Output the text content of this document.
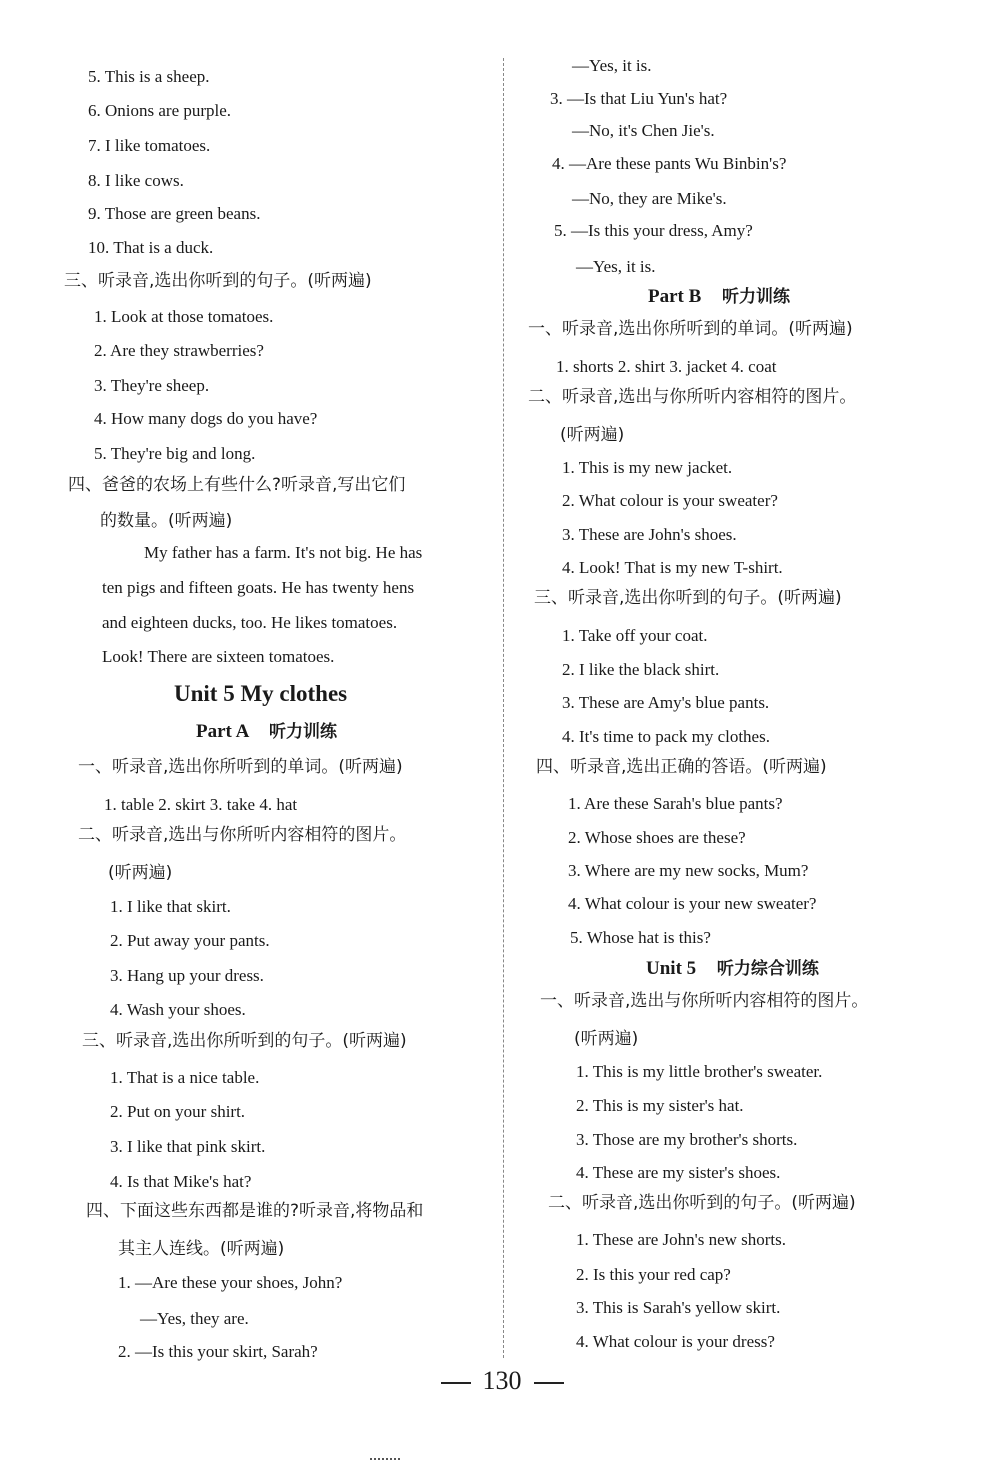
5. This is a sheep.
6. Onions are purple.
7. I like tomatoes.
8. I like cows.
9. Those are green beans.
10. That is a duck.
三、听录音,选出你听到的句子。(听两遍)
1. Look at those tomatoes.
2. Are they strawberries?
3. They're sheep.
4. How many dogs do you have?
5. They're big and long.
四、爸爸的农场上有些什么?听录音,写出它们
的数量。(听两遍)
My father has a farm. It's not big. He has
ten pigs and fifteen goats. He has twenty hens
and eighteen ducks, too. He likes tomatoes.
Look! There are sixteen tomatoes.
Unit 5 My clothes
Part A 听力训练
一、听录音,选出你所听到的单词。(听两遍)
1. table 2. skirt 3. take 4. hat
二、听录音,选出与你所听内容相符的图片。
(听两遍)
1. I like that skirt.
2. Put away your pants.
3. Hang up your dress.
4. Wash your shoes.
三、听录音,选出你所听到的句子。(听两遍)
1. That is a nice table.
2. Put on your shirt.
3. I like that pink skirt.
4. Is that Mike's hat?
四、下面这些东西都是谁的?听录音,将物品和
其主人连线。(听两遍)
1. —Are these your shoes, John?
—Yes, they are.
2. —Is this your skirt, Sarah?
—Yes, it is.
3. —Is that Liu Yun's hat?
—No, it's Chen Jie's.
4. —Are these pants Wu Binbin's?
—No, they are Mike's.
5. —Is this your dress, Amy?
—Yes, it is.
Part B 听力训练
一、听录音,选出你所听到的单词。(听两遍)
1. shorts 2. shirt 3. jacket 4. coat
二、听录音,选出与你所听内容相符的图片。
(听两遍)
1. This is my new jacket.
2. What colour is your sweater?
3. These are John's shoes.
4. Look! That is my new T-shirt.
三、听录音,选出你听到的句子。(听两遍)
1. Take off your coat.
2. I like the black shirt.
3. These are Amy's blue pants.
4. It's time to pack my clothes.
四、听录音,选出正确的答语。(听两遍)
1. Are these Sarah's blue pants?
2. Whose shoes are these?
3. Where are my new socks, Mum?
4. What colour is your new sweater?
5. Whose hat is this?
Unit 5 听力综合训练
一、听录音,选出与你所听内容相符的图片。
(听两遍)
1. This is my little brother's sweater.
2. This is my sister's hat.
3. Those are my brother's shorts.
4. These are my sister's shoes.
二、听录音,选出你听到的句子。(听两遍)
1. These are John's new shorts.
2. Is this your red cap?
3. This is Sarah's yellow skirt.
4. What colour is your dress?
130
